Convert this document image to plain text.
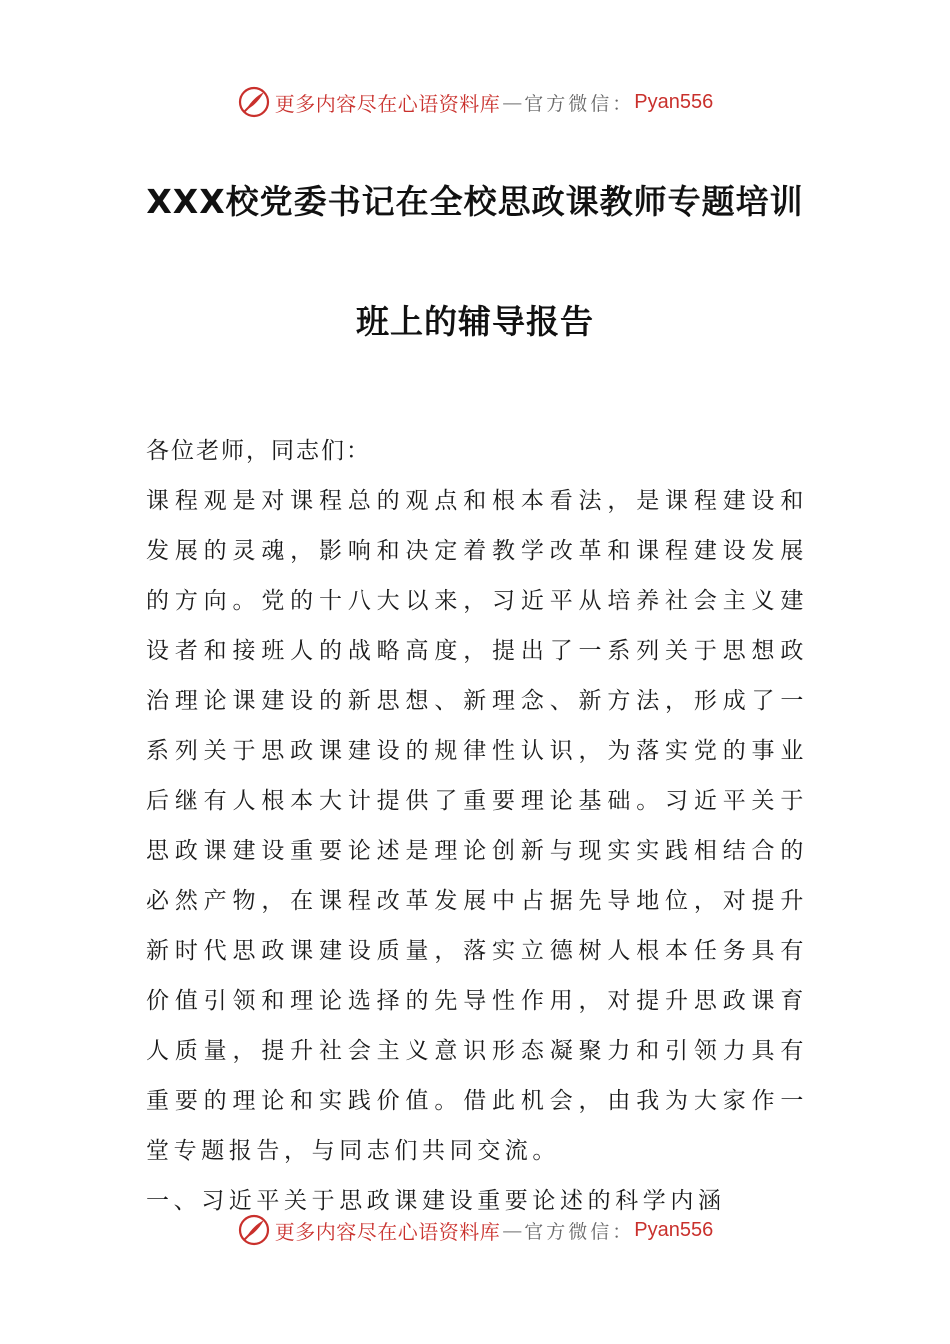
更多内容尽在心语资料库 — 官方微信： Pyan556
XXX校党委书记在全校思政课教师专题培训
班上的辅导报告

各位老师，同志们：

课程观是对课程总的观点和根本看法，是课程建设和发展的灵魂，影响和决定着教学改革和课程建设发展的方向。党的十八大以来，习近平从培养社会主义建设者和接班人的战略高度，提出了一系列关于思想政治理论课建设的新思想、新理念、新方法，形成了一系列关于思政课建设的规律性认识，为落实党的事业后继有人根本大计提供了重要理论基础。习近平关于思政课建设重要论述是理论创新与现实实践相结合的必然产物，在课程改革发展中占据先导地位，对提升新时代思政课建设质量，落实立德树人根本任务具有价值引领和理论选择的先导性作用，对提升思政课育人质量，提升社会主义意识形态凝聚力和引领力具有重要的理论和实践价值。借此机会，由我为大家作一堂专题报告，与同志们共同交流。

一、习近平关于思政课建设重要论述的科学内涵

更多内容尽在心语资料库 — 官方微信： Pyan556
